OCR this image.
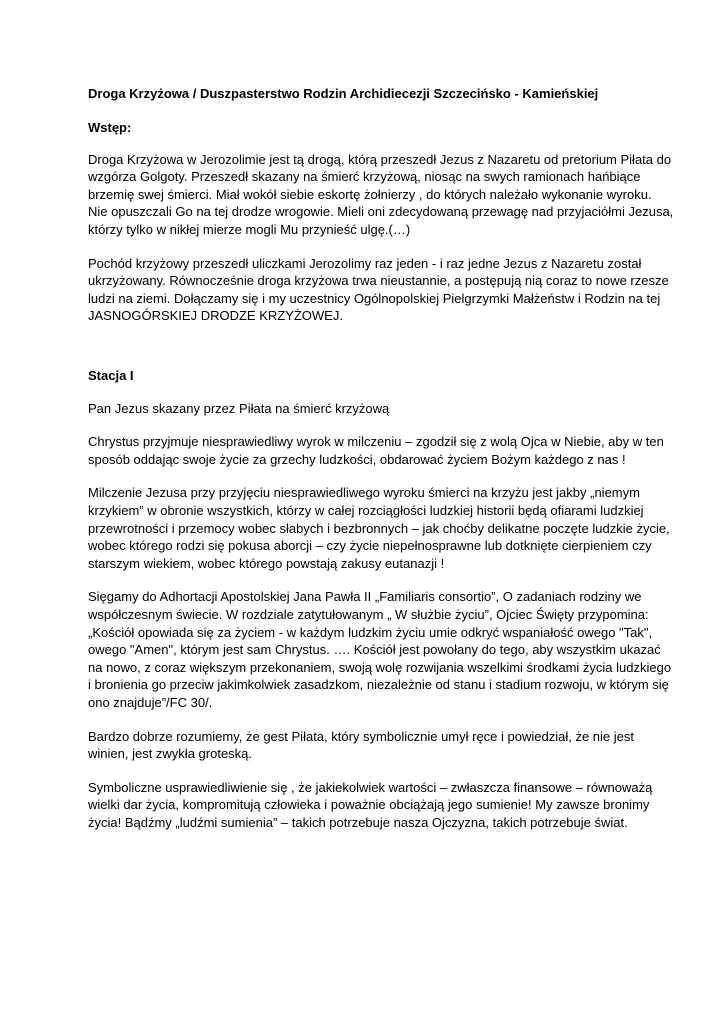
Droga Krzyżowa / Duszpasterstwo Rodzin Archidiecezji Szczecińsko - Kamieńskiej

Wstęp:

Droga Krzyżowa w Jerozolimie jest tą drogą, którą przeszedł Jezus z Nazaretu od pretorium Piłata do
wzgórza Golgoty. Przeszedł skazany na śmierć krzyżową, niosąc na swych ramionach hańbiące
brzemię swej śmierci. Miał wokół siebie eskortę żołnierzy , do których należało wykonanie wyroku.
Nie opuszczali Go na tej drodze wrogowie. Mieli oni zdecydowaną przewagę nad przyjaciółmi Jezusa,
którzy tylko w nikłej mierze mogli Mu przynieść ulgę.(…)

Pochód krzyżowy przeszedł uliczkami Jerozolimy raz jeden - i raz jedne Jezus z Nazaretu został
ukrzyżowany. Równocześnie droga krzyżowa trwa nieustannie, a postępują nią coraz to nowe rzesze
ludzi na ziemi. Dołączamy się i my uczestnicy Ogólnopolskiej Pielgrzymki Małżeństw i Rodzin na tej
JASNOGÓRSKIEJ DRODZE KRZYŻOWEJ.

Stacja I

Pan Jezus skazany przez Piłata na śmierć krzyżową

Chrystus przyjmuje niesprawiedliwy wyrok w milczeniu – zgodził się z wolą Ojca w Niebie, aby w ten
sposób oddając swoje życie za grzechy ludzkości, obdarować życiem Bożym każdego z nas !

Milczenie Jezusa przy przyjęciu niesprawiedliwego wyroku śmierci na krzyżu jest jakby „niemym
krzykiem” w obronie wszystkich, którzy w całej rozciągłości ludzkiej historii będą ofiarami ludzkiej
przewrotności i przemocy wobec słabych i bezbronnych – jak choćby delikatne poczęte ludzkie życie,
wobec którego rodzi się pokusa aborcji – czy życie niepełnosprawne lub dotknięte cierpieniem czy
starszym wiekiem, wobec którego powstają zakusy eutanazji !

Sięgamy do Adhortacji Apostolskiej Jana Pawła II „Familiaris consortio”, O zadaniach rodziny we
współczesnym świecie. W rozdziale zatytułowanym „ W służbie życiu”, Ojciec Święty przypomina:
„Kościół opowiada się za życiem - w każdym ludzkim życiu umie odkryć wspaniałość owego "Tak",
owego "Amen", którym jest sam Chrystus. …. Kościół jest powołany do tego, aby wszystkim ukazać
na nowo, z coraz większym przekonaniem, swoją wolę rozwijania wszelkimi środkami życia ludzkiego
i bronienia go przeciw jakimkolwiek zasadzkom, niezależnie od stanu i stadium rozwoju, w którym się
ono znajduje”/FC 30/.

Bardzo dobrze rozumiemy, że gest Piłata, który symbolicznie umył ręce i powiedział, że nie jest
winien, jest zwykła groteską.

Symboliczne usprawiedliwienie się , że jakiekolwiek wartości – zwłaszcza finansowe – równoważą
wielki dar życia, kompromitują człowieka i poważnie obciążają jego sumienie! My zawsze bronimy
życia! Bądźmy „ludźmi sumienia” – takich potrzebuje nasza Ojczyzna, takich potrzebuje świat.
